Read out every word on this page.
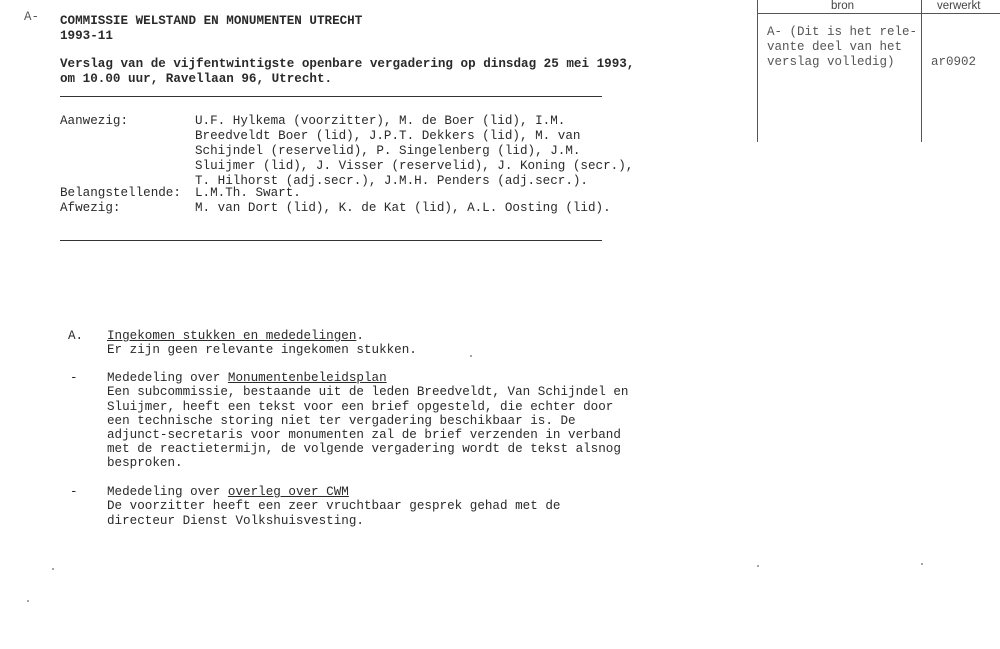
A- COMMISSIE WELSTAND EN MONUMENTEN UTRECHT
1993-11
Verslag van de vijfentwintigste openbare vergadering op dinsdag 25 mei 1993,
om 10.00 uur, Ravellaan 96, Utrecht.
Aanwezig:	U.F. Hylkema (voorzitter), M. de Boer (lid), I.M.
Breedveldt Boer (lid), J.P.T. Dekkers (lid), M. van
Schijndel (reservelid), P. Singelenberg (lid), J.M.
Sluijmer (lid), J. Visser (reservelid), J. Koning (secr.),
T. Hilhorst (adj.secr.), J.M.H. Penders (adj.secr.).
Belangstellende: L.M.Th. Swart.
Afwezig:	M. van Dort (lid), K. de Kat (lid), A.L. Oosting (lid).
A. Ingekomen stukken en mededelingen.
Er zijn geen relevante ingekomen stukken.
- Mededeling over Monumentenbeleidsplan
Een subcommissie, bestaande uit de leden Breedveldt, Van Schijndel en
Sluijmer, heeft een tekst voor een brief opgesteld, die echter door
een technische storing niet ter vergadering beschikbaar is. De
adjunct-secretaris voor monumenten zal de brief verzenden in verband
met de reactietermijn, de volgende vergadering wordt de tekst alsnog
besproken.
- Mededeling over overleg over CWM
De voorzitter heeft een zeer vruchtbaar gesprek gehad met de
directeur Dienst Volkshuisvesting.
bron	verwerkt
A- (Dit is het rele-
vante deel van het
verslag volledig)	ar0902
